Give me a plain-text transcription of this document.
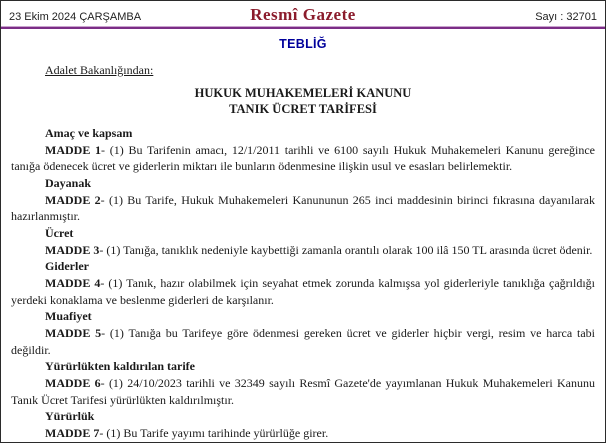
23 Ekim 2024 ÇARŞAMBA	Resmî Gazete	Sayı : 32701
TEBLİĞ

Adalet Bakanlığından:

HUKUK MUHAKEMELERİ KANUNU
TANIK ÜCRET TARİFESİ

Amaç ve kapsam

MADDE 1- (1) Bu Tarifenin amacı, 12/1/2011 tarihli ve 6100 sayılı Hukuk Muhakemeleri Kanunu gereğince tanığa ödenecek ücret ve giderlerin miktarı ile bunların ödenmesine ilişkin usul ve esasları belirlemektir.

Dayanak

MADDE 2- (1) Bu Tarife, Hukuk Muhakemeleri Kanununun 265 inci maddesinin birinci fıkrasına dayanılarak hazırlanmıştır.

Ücret

MADDE 3- (1) Tanığa, tanıklık nedeniyle kaybettiği zamanla orantılı olarak 100 ilâ 150 TL arasında ücret ödenir.

Giderler

MADDE 4- (1) Tanık, hazır olabilmek için seyahat etmek zorunda kalmışsa yol giderleriyle tanıklığa çağrıldığı yerdeki konaklama ve beslenme giderleri de karşılanır.

Muafiyet

MADDE 5- (1) Tanığa bu Tarifeye göre ödenmesi gereken ücret ve giderler hiçbir vergi, resim ve harca tabi değildir.

Yürürlükten kaldırılan tarife

MADDE 6- (1) 24/10/2023 tarihli ve 32349 sayılı Resmî Gazete'de yayımlanan Hukuk Muhakemeleri Kanunu Tanık Ücret Tarifesi yürürlükten kaldırılmıştır.

Yürürlük

MADDE 7- (1) Bu Tarife yayımı tarihinde yürürlüğe girer.
